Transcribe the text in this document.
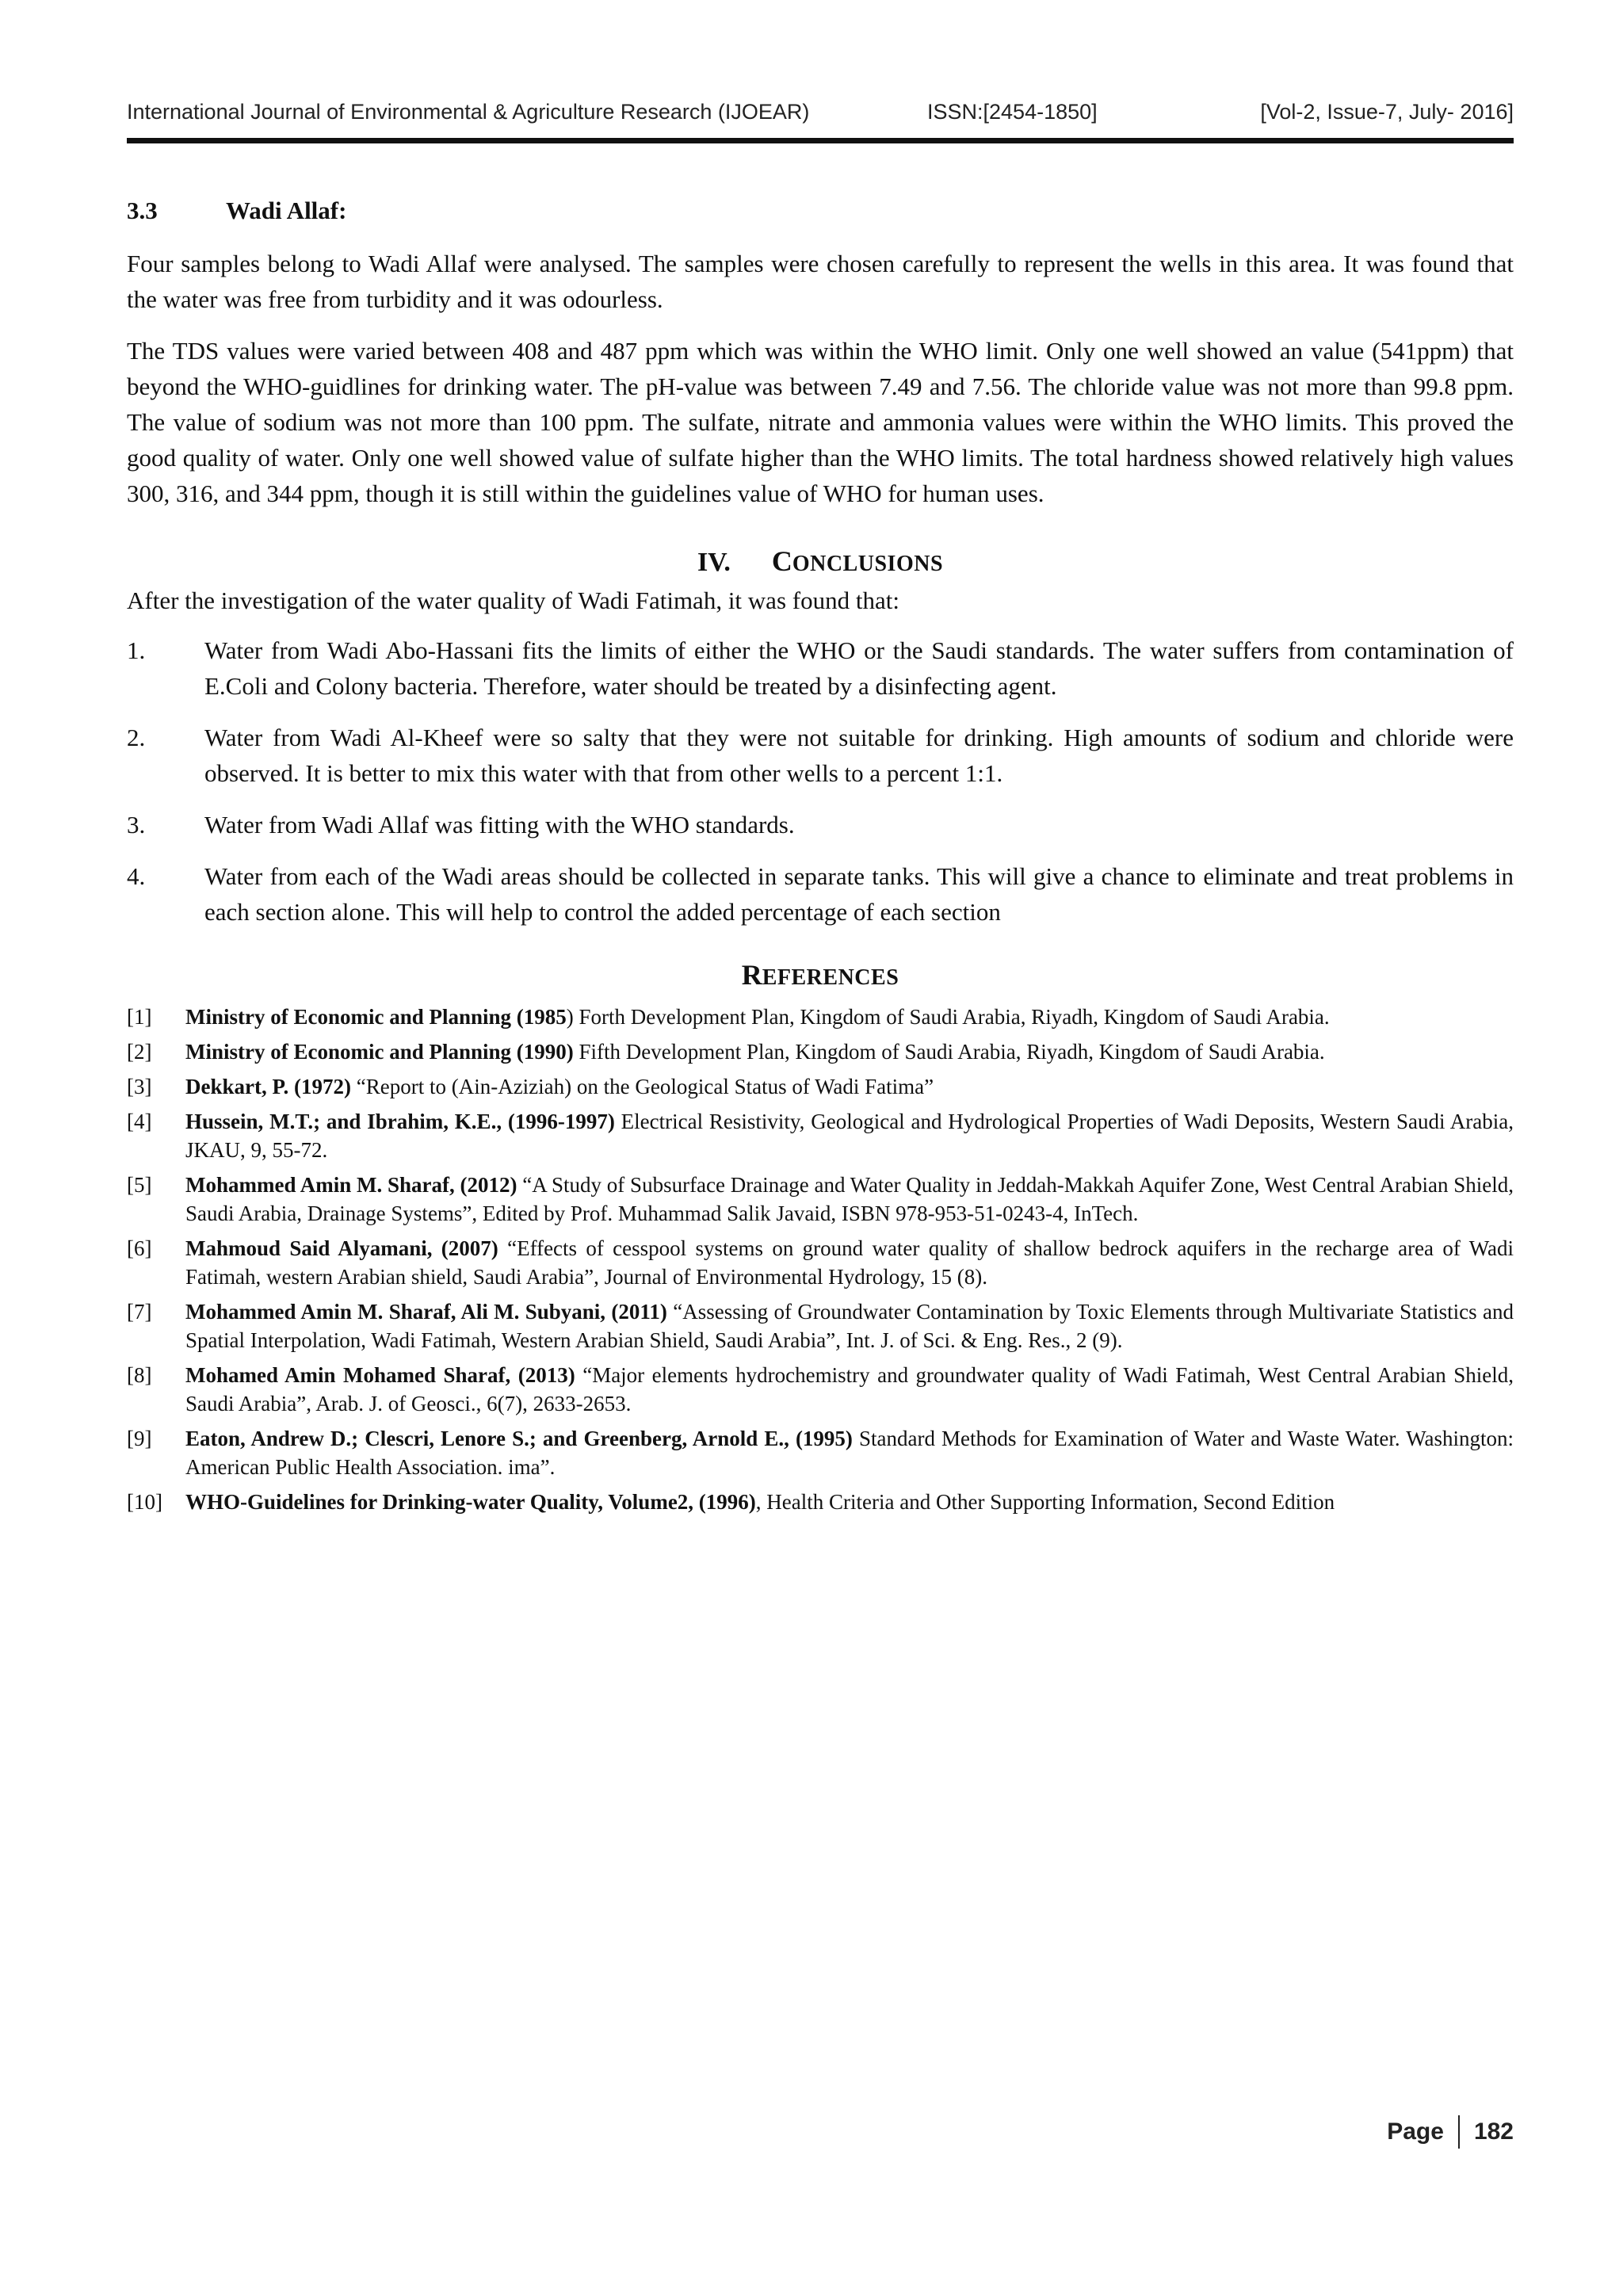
International Journal of Environmental & Agriculture Research (IJOEAR)	ISSN:[2454-1850]	[Vol-2, Issue-7, July- 2016]
3.3	Wadi Allaf:

Four samples belong to Wadi Allaf were analysed. The samples were chosen carefully to represent the wells in this area. It was found that the water was free from turbidity and it was odourless.

The TDS values were varied between 408 and 487 ppm which was within the WHO limit. Only one well showed an value (541ppm) that beyond the WHO-guidlines for drinking water. The pH-value was between 7.49 and 7.56. The chloride value was not more than 99.8 ppm. The value of sodium was not more than 100 ppm. The sulfate, nitrate and ammonia values were within the WHO limits. This proved the good quality of water. Only one well showed value of sulfate higher than the WHO limits. The total hardness showed relatively high values 300, 316, and 344 ppm, though it is still within the guidelines value of WHO for human uses.

IV. CONCLUSIONS

After the investigation of the water quality of Wadi Fatimah, it was found that:

1. Water from Wadi Abo-Hassani fits the limits of either the WHO or the Saudi standards. The water suffers from contamination of E.Coli and Colony bacteria. Therefore, water should be treated by a disinfecting agent.
2. Water from Wadi Al-Kheef were so salty that they were not suitable for drinking. High amounts of sodium and chloride were observed. It is better to mix this water with that from other wells to a percent 1:1.
3. Water from Wadi Allaf was fitting with the WHO standards.
4. Water from each of the Wadi areas should be collected in separate tanks. This will give a chance to eliminate and treat problems in each section alone. This will help to control the added percentage of each section
REFERENCES
[1] Ministry of Economic and Planning (1985) Forth Development Plan, Kingdom of Saudi Arabia, Riyadh, Kingdom of Saudi Arabia.
[2] Ministry of Economic and Planning (1990) Fifth Development Plan, Kingdom of Saudi Arabia, Riyadh, Kingdom of Saudi Arabia.
[3] Dekkart, P. (1972) “Report to (Ain-Aziziah) on the Geological Status of Wadi Fatima”
[4] Hussein, M.T.; and Ibrahim, K.E., (1996-1997) Electrical Resistivity, Geological and Hydrological Properties of Wadi Deposits, Western Saudi Arabia, JKAU, 9, 55-72.
[5] Mohammed Amin M. Sharaf, (2012) “A Study of Subsurface Drainage and Water Quality in Jeddah-Makkah Aquifer Zone, West Central Arabian Shield, Saudi Arabia, Drainage Systems”, Edited by Prof. Muhammad Salik Javaid, ISBN 978-953-51-0243-4, InTech.
[6] Mahmoud Said Alyamani, (2007) “Effects of cesspool systems on ground water quality of shallow bedrock aquifers in the recharge area of Wadi Fatimah, western Arabian shield, Saudi Arabia”, Journal of Environmental Hydrology, 15 (8).
[7] Mohammed Amin M. Sharaf, Ali M. Subyani, (2011) “Assessing of Groundwater Contamination by Toxic Elements through Multivariate Statistics and Spatial Interpolation, Wadi Fatimah, Western Arabian Shield, Saudi Arabia”, Int. J. of Sci. & Eng. Res., 2 (9).
[8] Mohamed Amin Mohamed Sharaf, (2013) “Major elements hydrochemistry and groundwater quality of Wadi Fatimah, West Central Arabian Shield, Saudi Arabia”, Arab. J. of Geosci., 6(7), 2633-2653.
[9] Eaton, Andrew D.; Clescri, Lenore S.; and Greenberg, Arnold E., (1995) Standard Methods for Examination of Water and Waste Water. Washington: American Public Health Association. ima”.
[10] WHO-Guidelines for Drinking-water Quality, Volume2, (1996), Health Criteria and Other Supporting Information, Second Edition
Page 182
